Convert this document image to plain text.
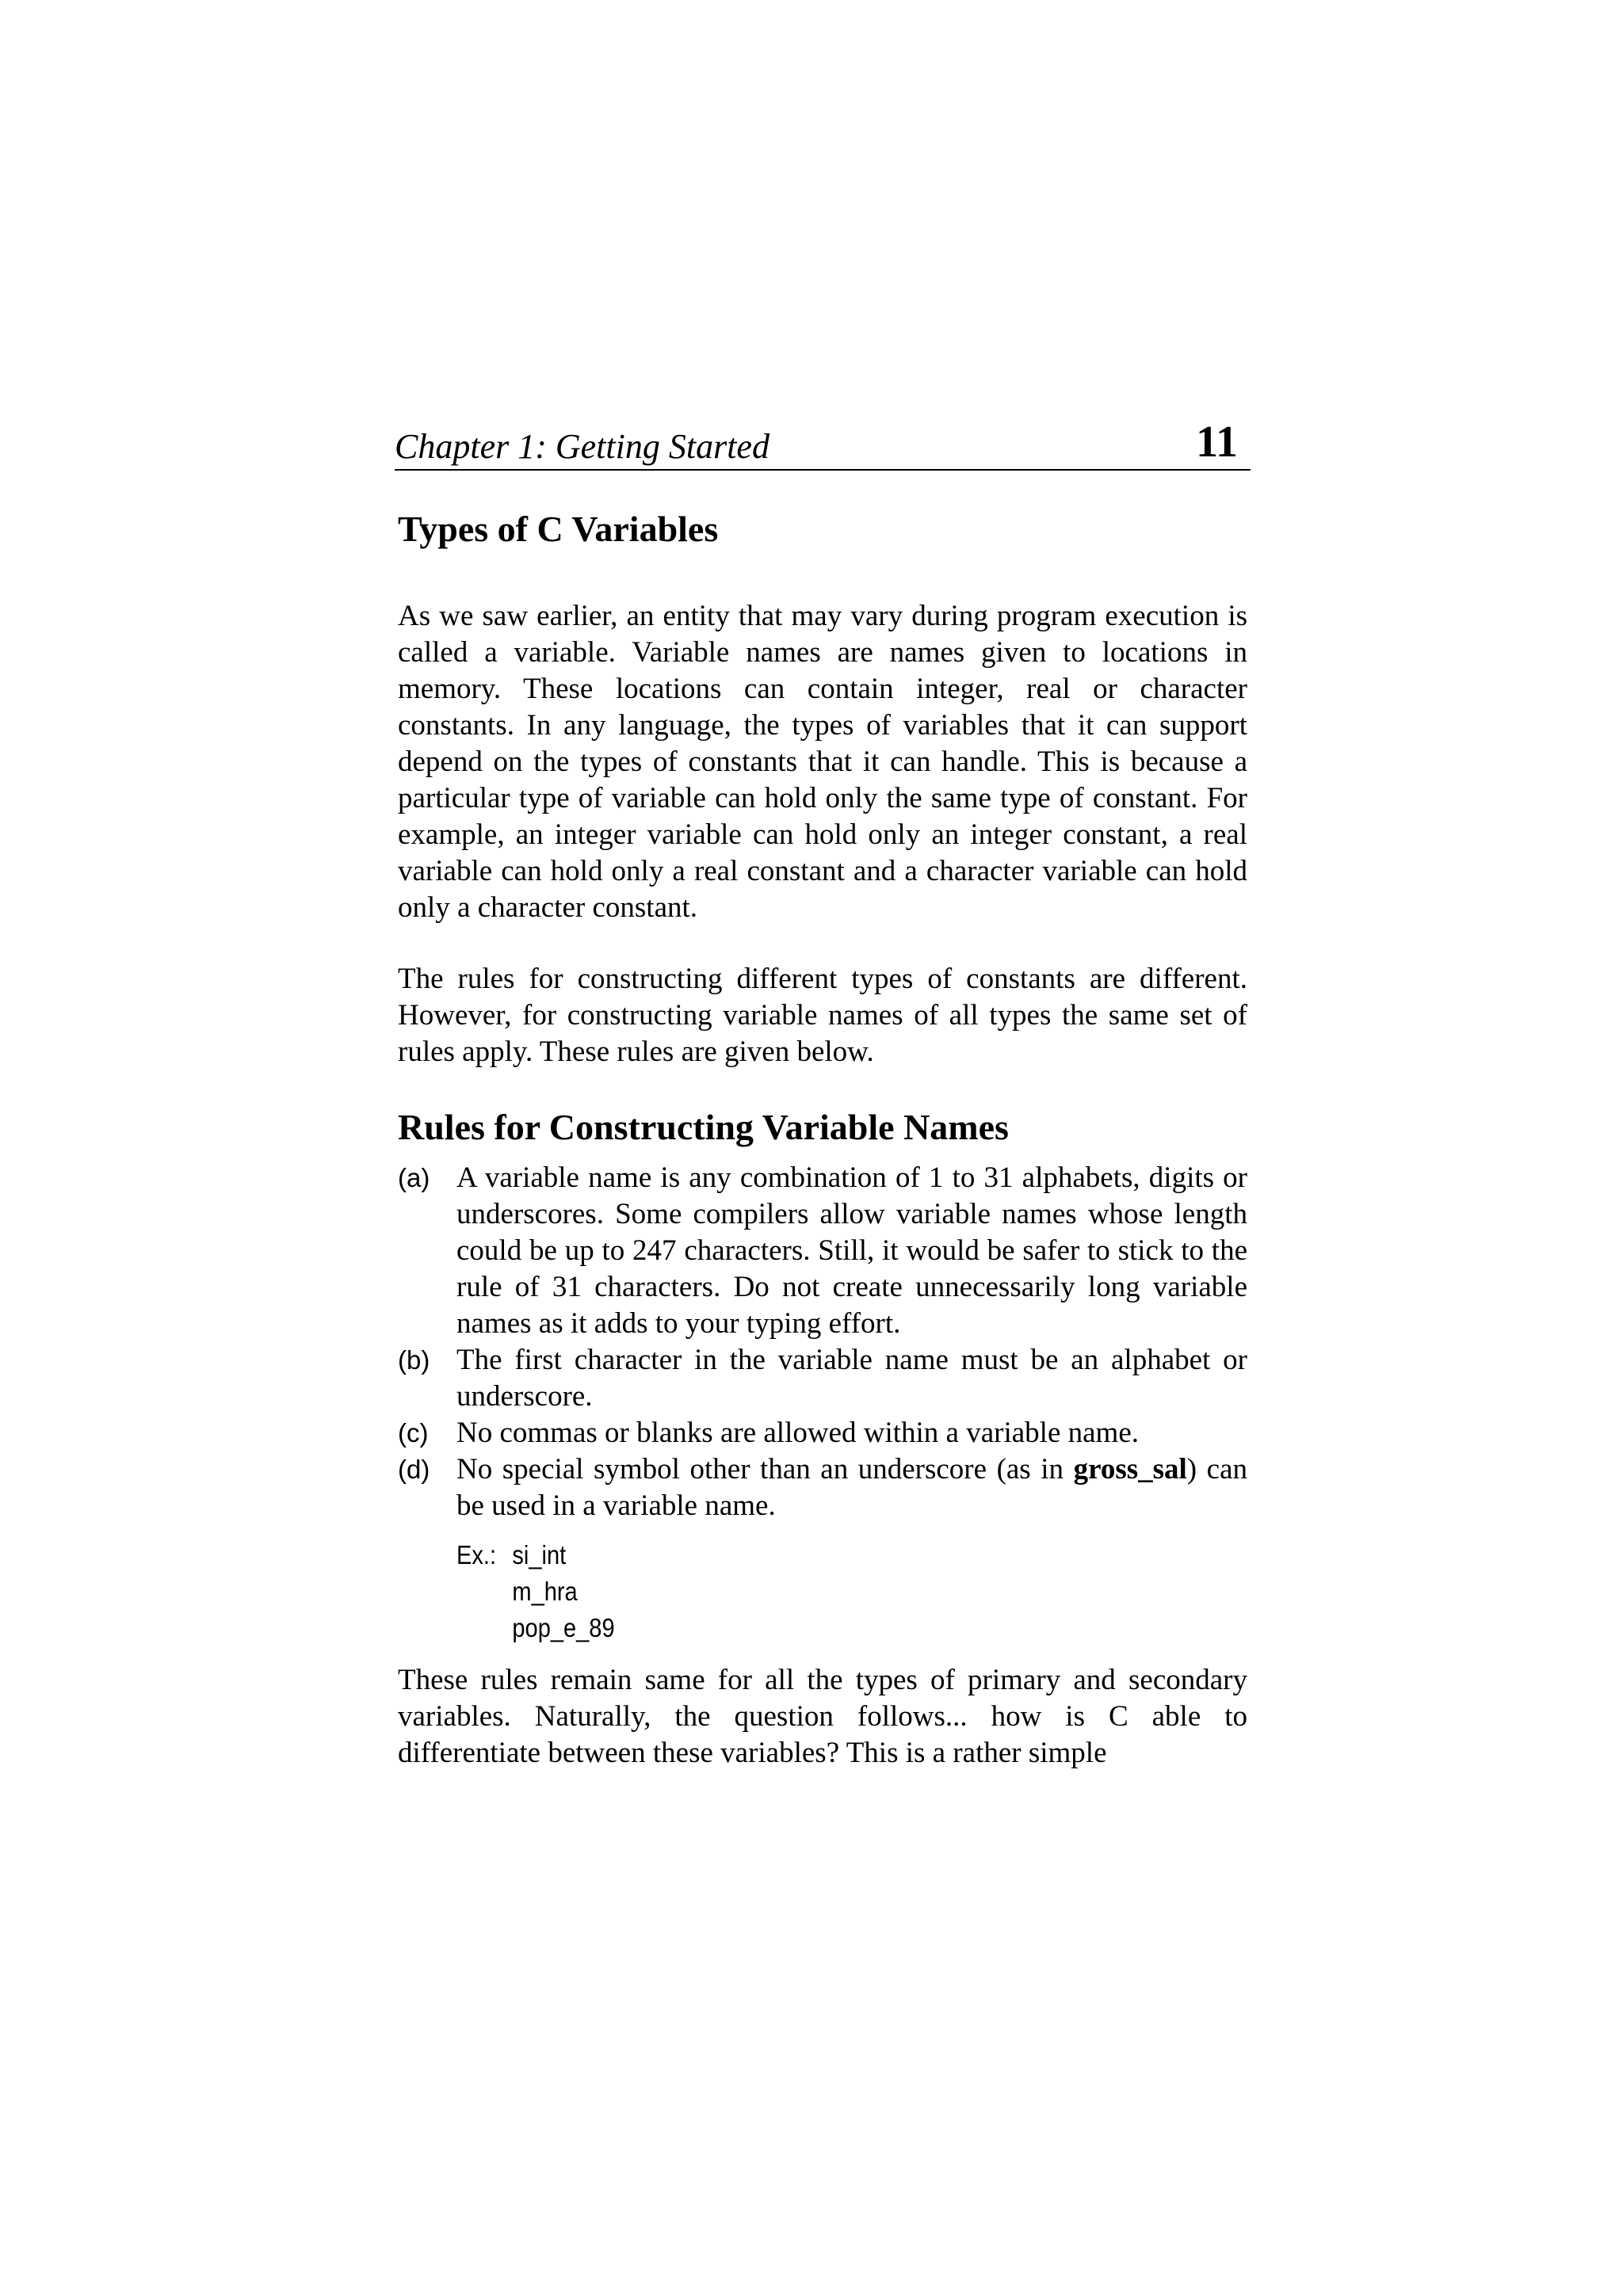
Chapter 1: Getting Started	11
Types of C Variables

As we saw earlier, an entity that may vary during program execution is called a variable. Variable names are names given to locations in memory. These locations can contain integer, real or character constants. In any language, the types of variables that it can support depend on the types of constants that it can handle. This is because a particular type of variable can hold only the same type of constant. For example, an integer variable can hold only an integer constant, a real variable can hold only a real constant and a character variable can hold only a character constant.

The rules for constructing different types of constants are different. However, for constructing variable names of all types the same set of rules apply. These rules are given below.

Rules for Constructing Variable Names
(a) A variable name is any combination of 1 to 31 alphabets, digits or underscores. Some compilers allow variable names whose length could be up to 247 characters. Still, it would be safer to stick to the rule of 31 characters. Do not create unnecessarily long variable names as it adds to your typing effort.
(b) The first character in the variable name must be an alphabet or underscore.
(c) No commas or blanks are allowed within a variable name.
(d) No special symbol other than an underscore (as in gross_sal) can be used in a variable name.
Ex.: si_int
m_hra
pop_e_89

These rules remain same for all the types of primary and secondary variables. Naturally, the question follows... how is C able to differentiate between these variables? This is a rather simple
